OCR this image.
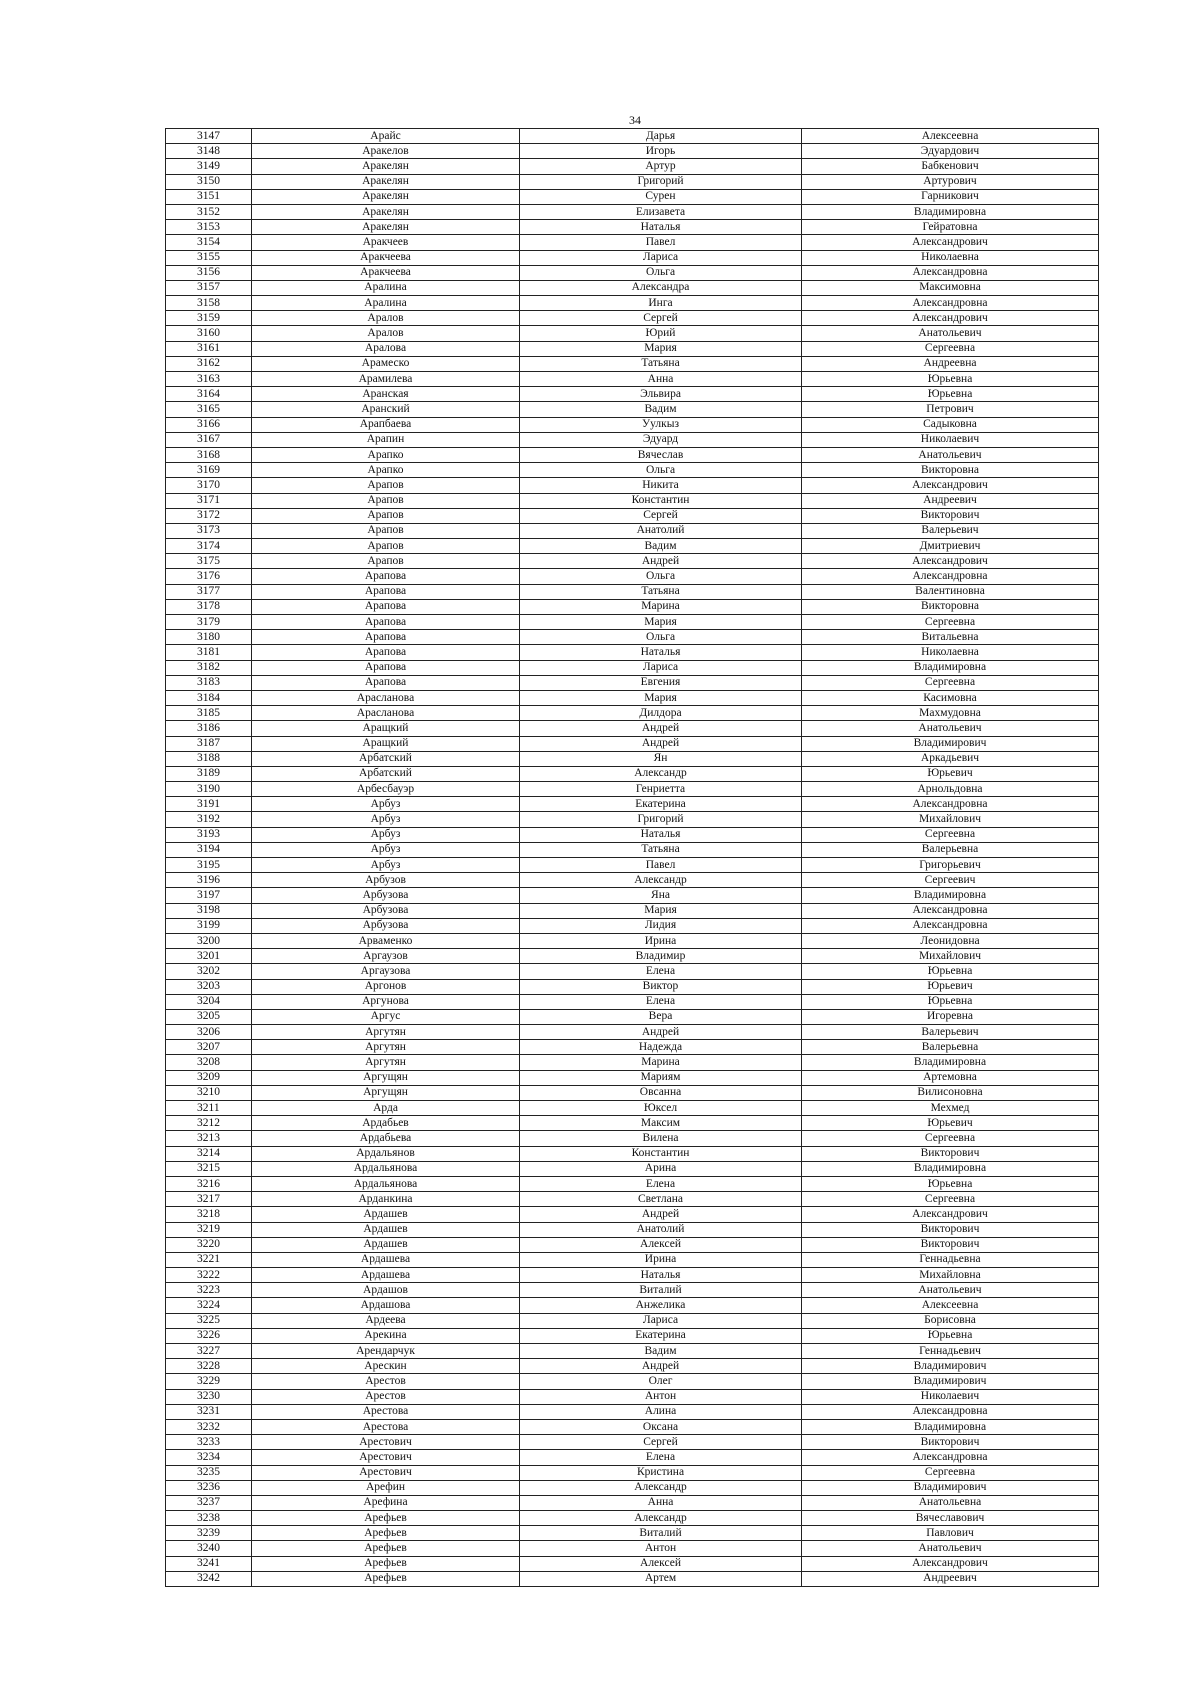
34
3147	Арайс	Дарья	Алексеевна
3148	Аракелов	Игорь	Эдуардович
3149	Аракелян	Артур	Бабкенович
3150	Аракелян	Григорий	Артурович
3151	Аракелян	Сурен	Гарникович
3152	Аракелян	Елизавета	Владимировна
3153	Аракелян	Наталья	Гейратовна
3154	Аракчеев	Павел	Александрович
3155	Аракчеева	Лариса	Николаевна
3156	Аракчеева	Ольга	Александровна
3157	Аралина	Александра	Максимовна
3158	Аралина	Инга	Александровна
3159	Аралов	Сергей	Александрович
3160	Аралов	Юрий	Анатольевич
3161	Аралова	Мария	Сергеевна
3162	Арамеско	Татьяна	Андреевна
3163	Арамилева	Анна	Юрьевна
3164	Аранская	Эльвира	Юрьевна
3165	Аранский	Вадим	Петрович
3166	Арапбаева	Уулкыз	Садыковна
3167	Арапин	Эдуард	Николаевич
3168	Арапко	Вячеслав	Анатольевич
3169	Арапко	Ольга	Викторовна
3170	Арапов	Никита	Александрович
3171	Арапов	Константин	Андреевич
3172	Арапов	Сергей	Викторович
3173	Арапов	Анатолий	Валерьевич
3174	Арапов	Вадим	Дмитриевич
3175	Арапов	Андрей	Александрович
3176	Арапова	Ольга	Александровна
3177	Арапова	Татьяна	Валентиновна
3178	Арапова	Марина	Викторовна
3179	Арапова	Мария	Сергеевна
3180	Арапова	Ольга	Витальевна
3181	Арапова	Наталья	Николаевна
3182	Арапова	Лариса	Владимировна
3183	Арапова	Евгения	Сергеевна
3184	Арасланова	Мария	Касимовна
3185	Арасланова	Дилдора	Махмудовна
3186	Аращкий	Андрей	Анатольевич
3187	Аращкий	Андрей	Владимирович
3188	Арбатский	Ян	Аркадьевич
3189	Арбатский	Александр	Юрьевич
3190	Арбесбауэр	Генриетта	Арнольдовна
3191	Арбуз	Екатерина	Александровна
3192	Арбуз	Григорий	Михайлович
3193	Арбуз	Наталья	Сергеевна
3194	Арбуз	Татьяна	Валерьевна
3195	Арбуз	Павел	Григорьевич
3196	Арбузов	Александр	Сергеевич
3197	Арбузова	Яна	Владимировна
3198	Арбузова	Мария	Александровна
3199	Арбузова	Лидия	Александровна
3200	Арваменко	Ирина	Леонидовна
3201	Аргаузов	Владимир	Михайлович
3202	Аргаузова	Елена	Юрьевна
3203	Аргонов	Виктор	Юрьевич
3204	Аргунова	Елена	Юрьевна
3205	Аргус	Вера	Игоревна
3206	Аргутян	Андрей	Валерьевич
3207	Аргутян	Надежда	Валерьевна
3208	Аргутян	Марина	Владимировна
3209	Аргущян	Мариям	Артемовна
3210	Аргущян	Овсанна	Вилисоновна
3211	Арда	Юксел	Мехмед
3212	Ардабьев	Максим	Юрьевич
3213	Ардабьева	Вилена	Сергеевна
3214	Ардальянов	Константин	Викторович
3215	Ардальянова	Арина	Владимировна
3216	Ардальянова	Елена	Юрьевна
3217	Арданкина	Светлана	Сергеевна
3218	Ардашев	Андрей	Александрович
3219	Ардашев	Анатолий	Викторович
3220	Ардашев	Алексей	Викторович
3221	Ардашева	Ирина	Геннадьевна
3222	Ардашева	Наталья	Михайловна
3223	Ардашов	Виталий	Анатольевич
3224	Ардашова	Анжелика	Алексеевна
3225	Ардеева	Лариса	Борисовна
3226	Арекина	Екатерина	Юрьевна
3227	Арендарчук	Вадим	Геннадьевич
3228	Арескин	Андрей	Владимирович
3229	Арестов	Олег	Владимирович
3230	Арестов	Антон	Николаевич
3231	Арестова	Алина	Александровна
3232	Арестова	Оксана	Владимировна
3233	Арестович	Сергей	Викторович
3234	Арестович	Елена	Александровна
3235	Арестович	Кристина	Сергеевна
3236	Арефин	Александр	Владимирович
3237	Арефина	Анна	Анатольевна
3238	Арефьев	Александр	Вячеславович
3239	Арефьев	Виталий	Павлович
3240	Арефьев	Антон	Анатольевич
3241	Арефьев	Алексей	Александрович
3242	Арефьев	Артем	Андреевич
